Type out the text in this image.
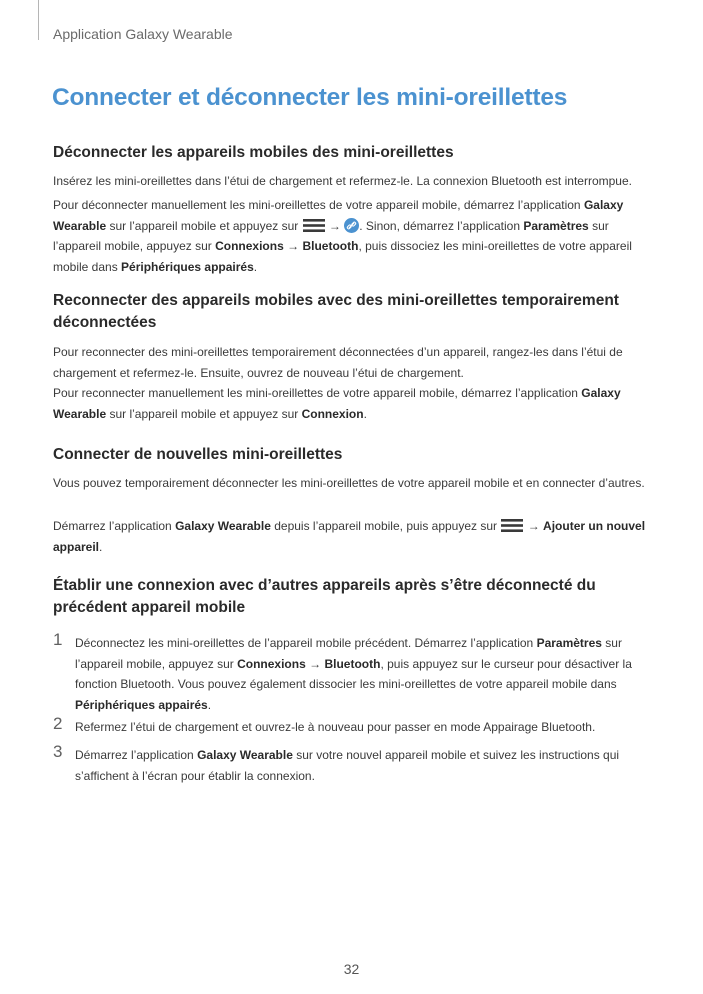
Application Galaxy Wearable
Connecter et déconnecter les mini-oreillettes
Déconnecter les appareils mobiles des mini-oreillettes

Insérez les mini-oreillettes dans l’étui de chargement et refermez-le. La connexion Bluetooth est interrompue.

Pour déconnecter manuellement les mini-oreillettes de votre appareil mobile, démarrez l’application Galaxy Wearable sur l’appareil mobile et appuyez sur  → . Sinon, démarrez l’application Paramètres sur l’appareil mobile, appuyez sur Connexions → Bluetooth, puis dissociez les mini-oreillettes de votre appareil mobile dans Périphériques appairés.

Reconnecter des appareils mobiles avec des mini-oreillettes temporairement déconnectées

Pour reconnecter des mini-oreillettes temporairement déconnectées d’un appareil, rangez-les dans l’étui de chargement et refermez-le. Ensuite, ouvrez de nouveau l’étui de chargement.

Pour reconnecter manuellement les mini-oreillettes de votre appareil mobile, démarrez l’application Galaxy Wearable sur l’appareil mobile et appuyez sur Connexion.

Connecter de nouvelles mini-oreillettes

Vous pouvez temporairement déconnecter les mini-oreillettes de votre appareil mobile et en connecter d’autres.

Démarrez l’application Galaxy Wearable depuis l’appareil mobile, puis appuyez sur  → Ajouter un nouvel appareil.

Établir une connexion avec d’autres appareils après s’être déconnecté du précédent appareil mobile
1 Déconnectez les mini-oreillettes de l’appareil mobile précédent. Démarrez l’application Paramètres sur l’appareil mobile, appuyez sur Connexions → Bluetooth, puis appuyez sur le curseur pour désactiver la fonction Bluetooth. Vous pouvez également dissocier les mini-oreillettes de votre appareil mobile dans Périphériques appairés.

2 Refermez l’étui de chargement et ouvrez-le à nouveau pour passer en mode Appairage Bluetooth.

3 Démarrez l’application Galaxy Wearable sur votre nouvel appareil mobile et suivez les instructions qui s’affichent à l’écran pour établir la connexion.

32
